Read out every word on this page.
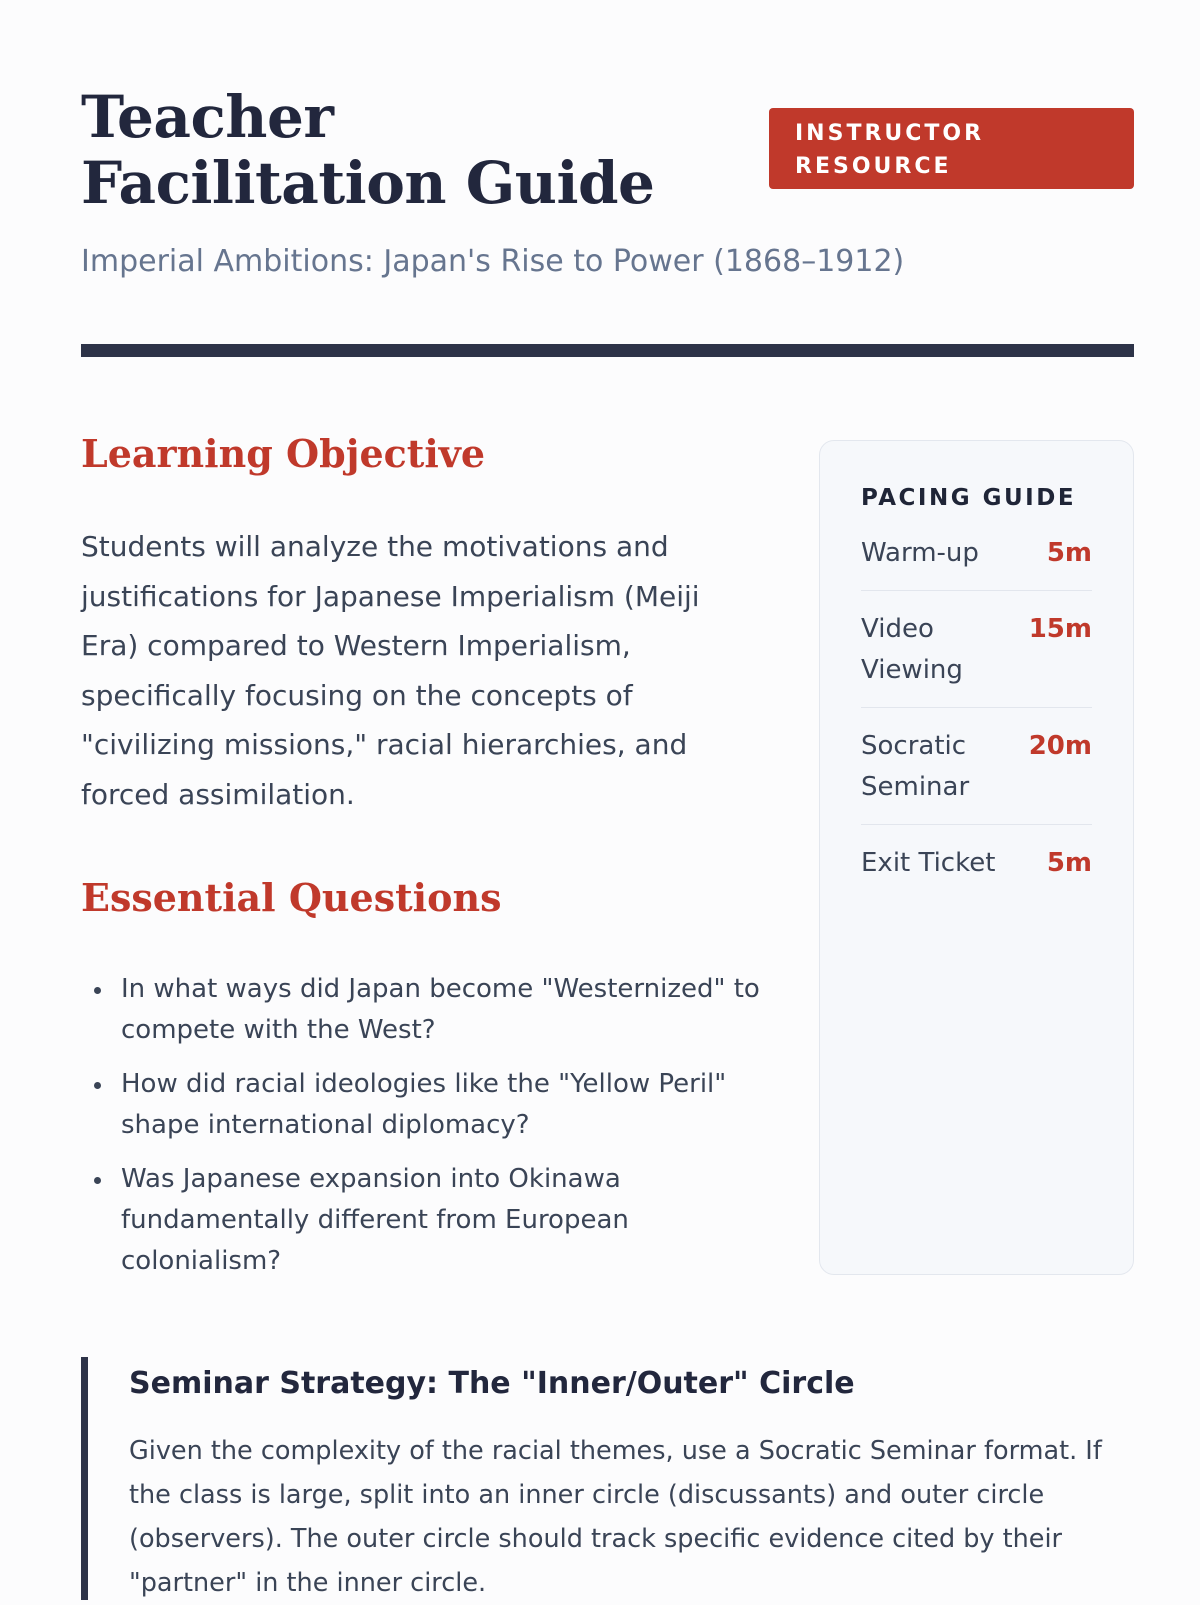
Teacher Facilitation Guide
INSTRUCTOR RESOURCE

Imperial Ambitions: Japan's Rise to Power (1868–1912)

Learning Objective

Students will analyze the motivations and justifications for Japanese Imperialism (Meiji Era) compared to Western Imperialism, specifically focusing on the concepts of "civilizing missions," racial hierarchies, and forced assimilation.

Essential Questions
In what ways did Japan become "Westernized" to compete with the West?
How did racial ideologies like the "Yellow Peril" shape international diplomacy?
Was Japanese expansion into Okinawa fundamentally different from European colonialism?
PACING GUIDE
Warm-up	5m
Video Viewing
15m
Socratic Seminar
20m
Exit Ticket 5m
Seminar Strategy: The "Inner/Outer" Circle

Given the complexity of the racial themes, use a Socratic Seminar format. If the class is large, split into an inner circle (discussants) and outer circle (observers). The outer circle should track specific evidence cited by their "partner" in the inner circle.
